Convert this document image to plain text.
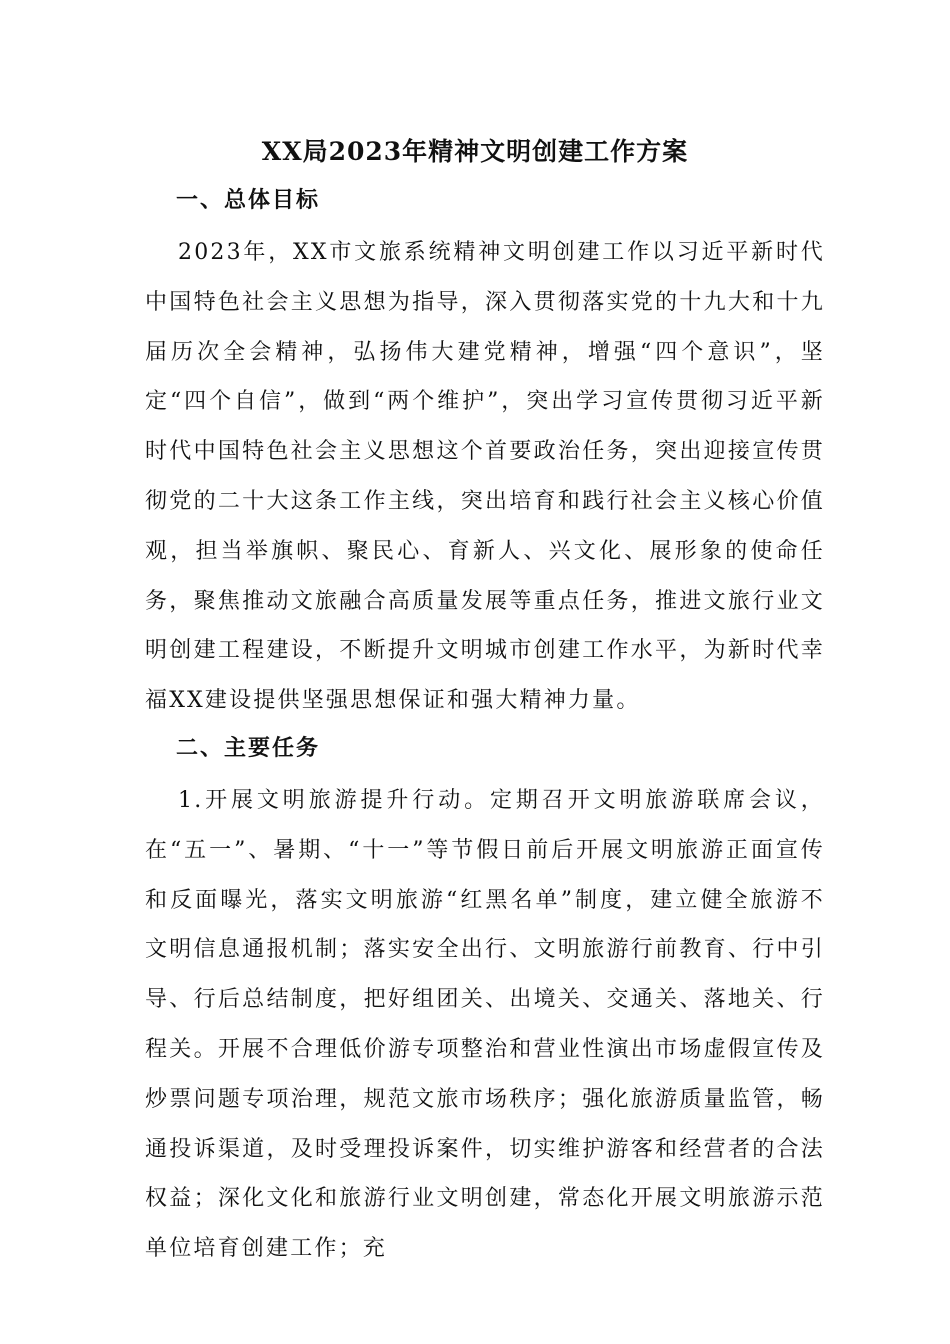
XX局2023年精神文明创建工作方案
一、总体目标
2023年，XX市文旅系统精神文明创建工作以习近平新时代中国特色社会主义思想为指导，深入贯彻落实党的十九大和十九届历次全会精神，弘扬伟大建党精神，增强“四个意识”，坚定“四个自信”，做到“两个维护”，突出学习宣传贯彻习近平新时代中国特色社会主义思想这个首要政治任务，突出迎接宣传贯彻党的二十大这条工作主线，突出培育和践行社会主义核心价值观，担当举旗帜、聚民心、育新人、兴文化、展形象的使命任务，聚焦推动文旅融合高质量发展等重点任务，推进文旅行业文明创建工程建设，不断提升文明城市创建工作水平，为新时代幸福XX建设提供坚强思想保证和强大精神力量。
二、主要任务
1.开展文明旅游提升行动。定期召开文明旅游联席会议，在“五一”、暑期、“十一”等节假日前后开展文明旅游正面宣传和反面曝光，落实文明旅游“红黑名单”制度，建立健全旅游不文明信息通报机制；落实安全出行、文明旅游行前教育、行中引导、行后总结制度，把好组团关、出境关、交通关、落地关、行程关。开展不合理低价游专项整治和营业性演出市场虚假宣传及炒票问题专项治理，规范文旅市场秩序；强化旅游质量监管，畅通投诉渠道，及时受理投诉案件，切实维护游客和经营者的合法权益；深化文化和旅游行业文明创建，常态化开展文明旅游示范单位培育创建工作；充
